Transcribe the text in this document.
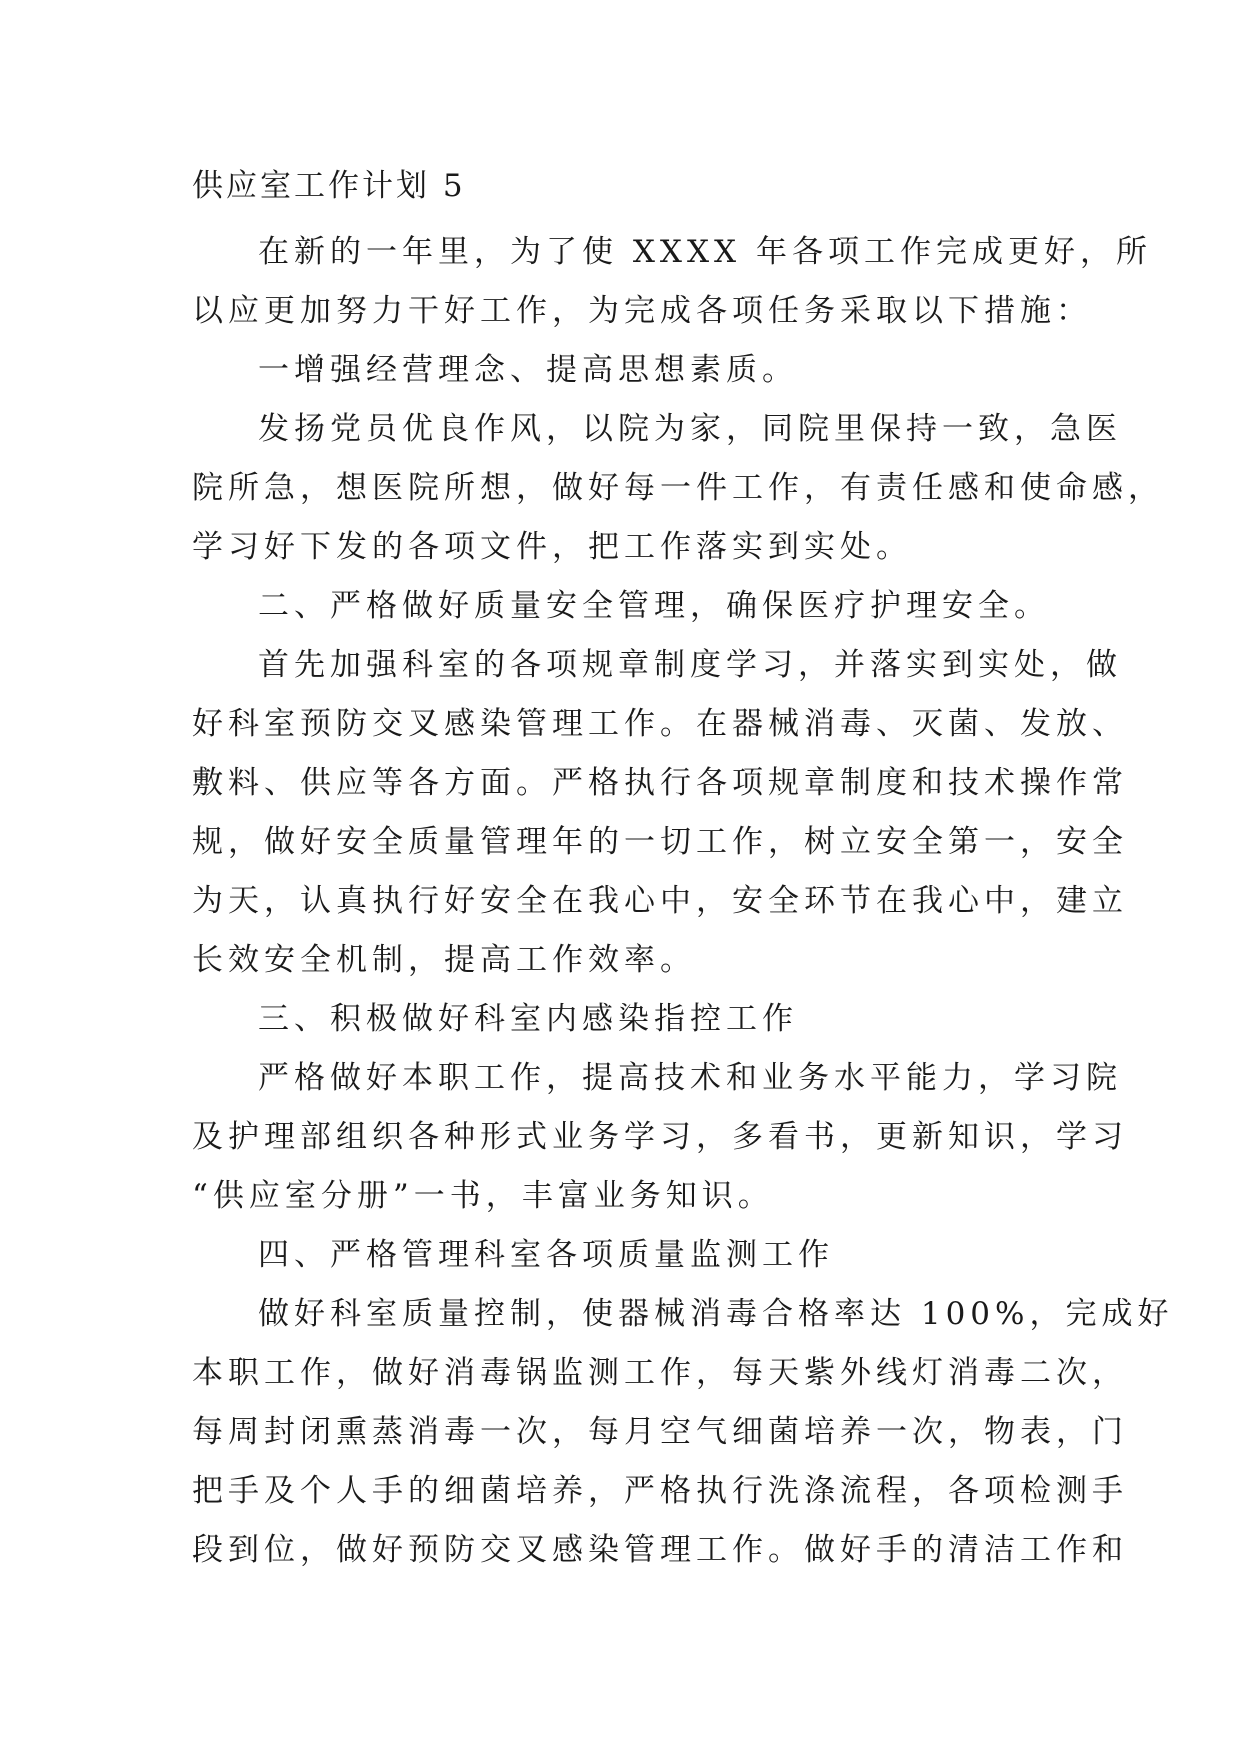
供应室工作计划 5

在新的一年里，为了使 XXXX 年各项工作完成更好，所

以应更加努力干好工作，为完成各项任务采取以下措施：

一增强经营理念、提高思想素质。

发扬党员优良作风，以院为家，同院里保持一致，急医

院所急，想医院所想，做好每一件工作，有责任感和使命感，

学习好下发的各项文件，把工作落实到实处。

二、严格做好质量安全管理，确保医疗护理安全。

首先加强科室的各项规章制度学习，并落实到实处，做

好科室预防交叉感染管理工作。在器械消毒、灭菌、发放、

敷料、供应等各方面。严格执行各项规章制度和技术操作常

规，做好安全质量管理年的一切工作，树立安全第一，安全

为天，认真执行好安全在我心中，安全环节在我心中，建立

长效安全机制，提高工作效率。

三、积极做好科室内感染指控工作

严格做好本职工作，提高技术和业务水平能力，学习院

及护理部组织各种形式业务学习，多看书，更新知识，学习

“供应室分册”一书，丰富业务知识。

四、严格管理科室各项质量监测工作

做好科室质量控制，使器械消毒合格率达 100%，完成好

本职工作，做好消毒锅监测工作，每天紫外线灯消毒二次，

每周封闭熏蒸消毒一次，每月空气细菌培养一次，物表，门

把手及个人手的细菌培养，严格执行洗涤流程，各项检测手

段到位，做好预防交叉感染管理工作。做好手的清洁工作和
